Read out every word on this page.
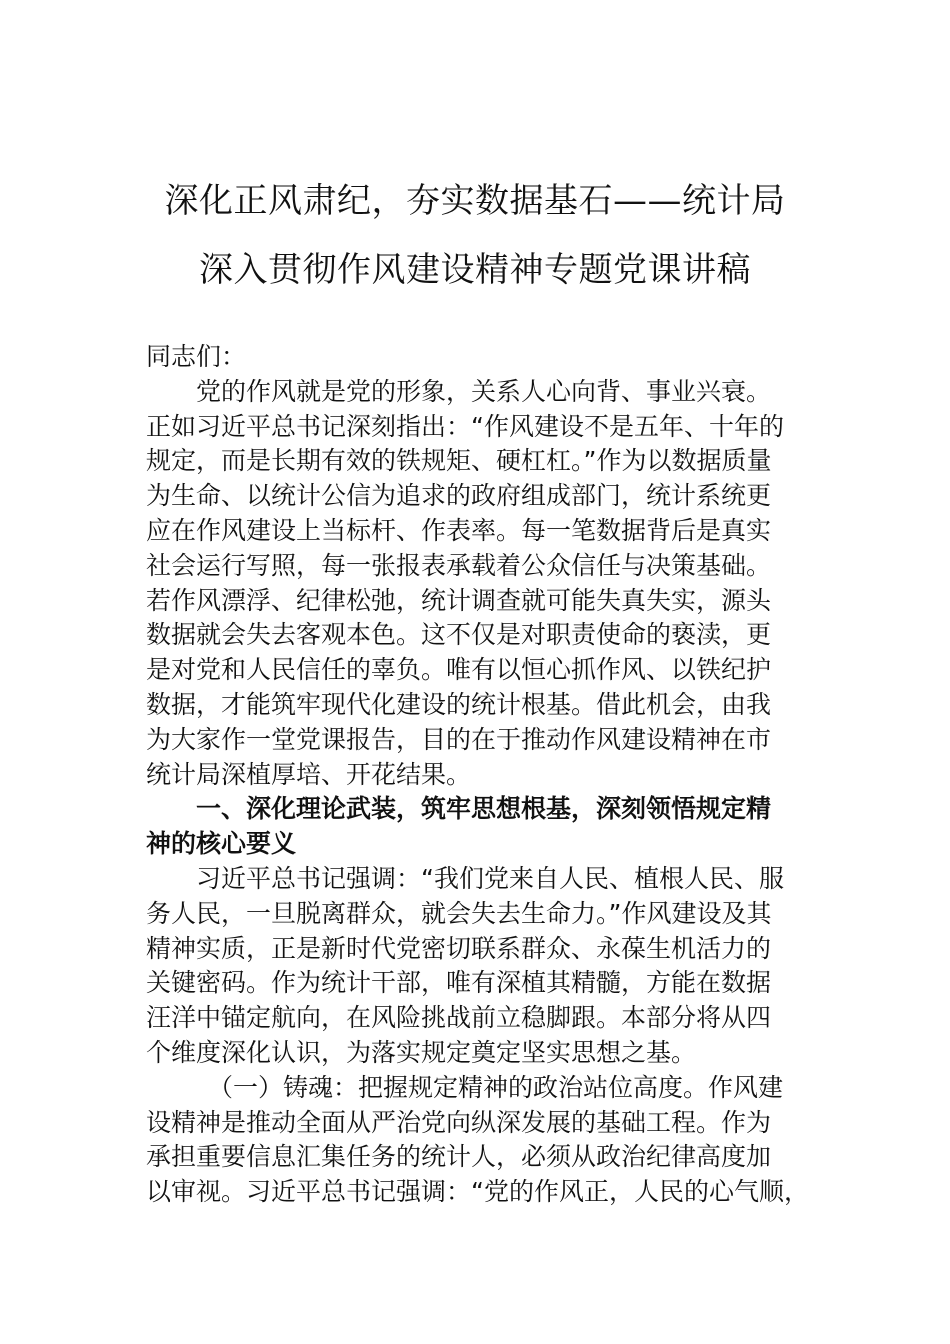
深化正风肃纪，夯实数据基石——统计局
深入贯彻作风建设精神专题党课讲稿
同志们：
党的作风就是党的形象，关系人心向背、事业兴衰。
正如习近平总书记深刻指出：“作风建设不是五年、十年的
规定，而是长期有效的铁规矩、硬杠杠。”作为以数据质量
为生命、以统计公信为追求的政府组成部门，统计系统更
应在作风建设上当标杆、作表率。每一笔数据背后是真实
社会运行写照，每一张报表承载着公众信任与决策基础。
若作风漂浮、纪律松弛，统计调查就可能失真失实，源头
数据就会失去客观本色。这不仅是对职责使命的亵渎，更
是对党和人民信任的辜负。唯有以恒心抓作风、以铁纪护
数据，才能筑牢现代化建设的统计根基。借此机会，由我
为大家作一堂党课报告，目的在于推动作风建设精神在市
统计局深植厚培、开花结果。
一、深化理论武装，筑牢思想根基，深刻领悟规定精
神的核心要义
习近平总书记强调：“我们党来自人民、植根人民、服
务人民，一旦脱离群众，就会失去生命力。”作风建设及其
精神实质，正是新时代党密切联系群众、永葆生机活力的
关键密码。作为统计干部，唯有深植其精髓，方能在数据
汪洋中锚定航向，在风险挑战前立稳脚跟。本部分将从四
个维度深化认识，为落实规定奠定坚实思想之基。
（一）铸魂：把握规定精神的政治站位高度。作风建
设精神是推动全面从严治党向纵深发展的基础工程。作为
承担重要信息汇集任务的统计人，必须从政治纪律高度加
以审视。习近平总书记强调：“党的作风正，人民的心气顺，
